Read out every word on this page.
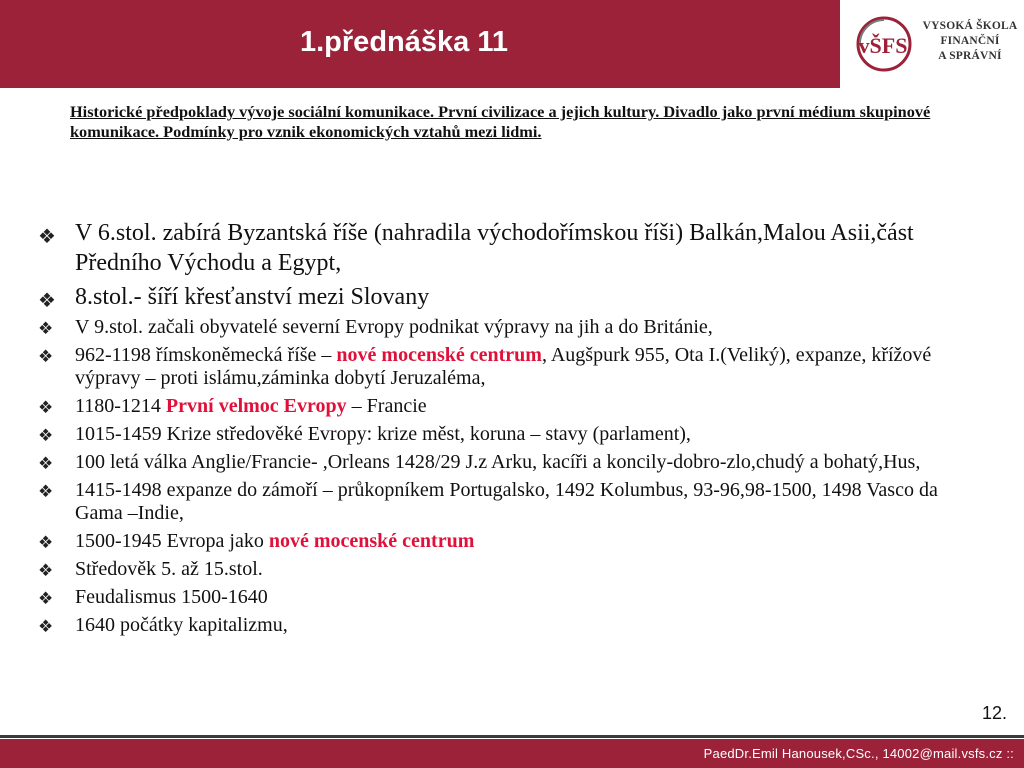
1.přednáška 11	vŠFS
VYSOKÁ ŠKOLA
FINANČNÍ
A SPRÁVNÍ
Historické předpoklady vývoje sociální komunikace. První civilizace a jejich kultury. Divadlo jako první médium skupinové komunikace. Podmínky pro vznik ekonomických vztahů mezi lidmi.
❖ V 6.stol. zabírá Byzantská říše (nahradila východořímskou říši) Balkán,Malou Asii,část Předního Východu a Egypt,
❖ 8.stol.- šíří křesťanství mezi Slovany
❖ V 9.stol. začali obyvatelé severní Evropy podnikat výpravy na jih a do Británie,
❖ 962-1198 římskoněmecká říše – nové mocenské centrum, Augšpurk 955, Ota I.(Veliký), expanze, křížové výpravy – proti islámu,záminka dobytí Jeruzaléma,
❖ 1180-1214 První velmoc Evropy – Francie
❖ 1015-1459 Krize středověké Evropy: krize měst, koruna – stavy (parlament),
❖ 100 letá válka Anglie/Francie- ,Orleans 1428/29 J.z Arku, kacíři a koncily-dobro-zlo,chudý a bohatý,Hus,
❖ 1415-1498 expanze do zámoří – průkopníkem Portugalsko, 1492 Kolumbus, 93-96,98-1500, 1498 Vasco da Gama –Indie,
❖ 1500-1945 Evropa jako nové mocenské centrum
❖ Středověk 5. až 15.stol.
❖ Feudalismus 1500-1640
❖ 1640 počátky kapitalizmu,
12.
PaedDr.Emil Hanousek,CSc., 14002@mail.vsfs.cz ::
